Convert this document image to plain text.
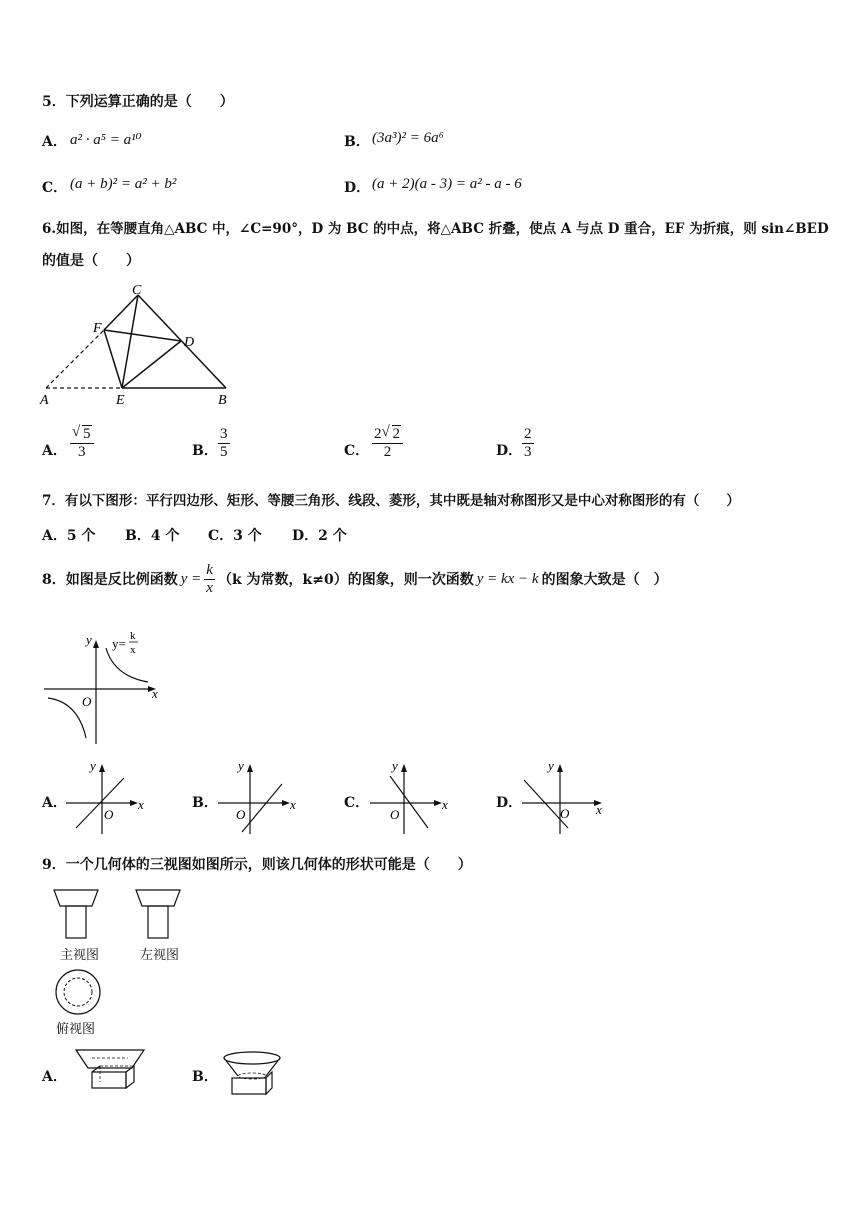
5．下列运算正确的是（　　）
A． a² · a⁵ = a¹⁰	B． (3a³)² = 6a⁶
C． (a + b)² = a² + b²	D． (a + 2)(a - 3) = a² - a - 6
6.如图，在等腰直角△ABC 中，∠C=90°，D 为 BC 的中点，将△ABC 折叠，使点 A 与点 D 重合，EF 为折痕，则 sin∠BED
的值是（　　）
C
F
D
A	E	B
A． √ $\frac{5}{3}$	B． $\frac{3}{5}$	C． $\frac{2 √ 2}{2}$	D． $\frac{2}{3}$
7．有以下图形：平行四边形、矩形、等腰三角形、线段、菱形，其中既是轴对称图形又是中心对称图形的有（　　）
A．5 个 B．4 个 C．3 个 D．2 个
8．如图是反比例函数 $y = \frac{k}{x} (k$ 为常数，k≠0）的图象，则一次函数 y = kx − k 的图象大致是（　）
y
x
O
y= k
x
A．
y
x
O
B．
y
x
O
C．
y
x
O
D．
y
x
O
9．一个几何体的三视图如图所示，则该几何体的形状可能是（　　）
主视图	左视图
俯视图
A．	B．
